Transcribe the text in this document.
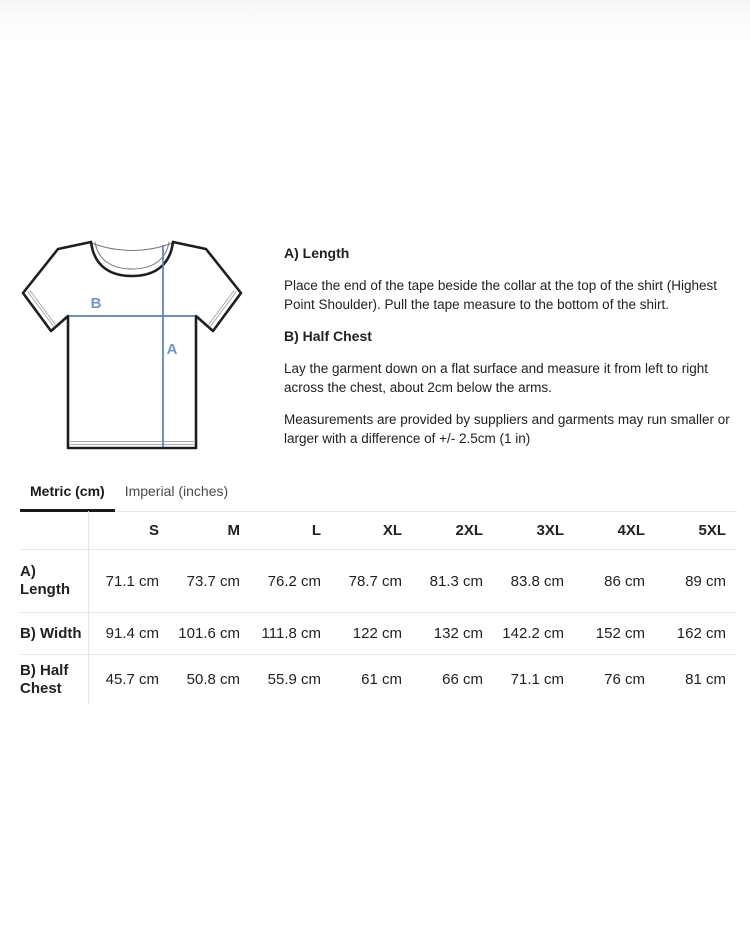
B
A
A) Length
Place the end of the tape beside the collar at the top of the shirt (Highest
Point Shoulder). Pull the tape measure to the bottom of the shirt.
B) Half Chest
Lay the garment down on a flat surface and measure it from left to right
across the chest, about 2cm below the arms.
Measurements are provided by suppliers and garments may run smaller or
larger with a difference of +/- 2.5cm (1 in)
Metric (cm)	Imperial (inches)
S	M	L	XL	2XL	3XL	4XL	5XL
A)
Length	71.1 cm	73.7 cm	76.2 cm	78.7 cm	81.3 cm	83.8 cm	86 cm	89 cm
B) Width	91.4 cm	101.6 cm	111.8 cm	122 cm	132 cm	142.2 cm	152 cm	162 cm
B) Half
Chest	45.7 cm	50.8 cm	55.9 cm	61 cm	66 cm	71.1 cm	76 cm	81 cm
